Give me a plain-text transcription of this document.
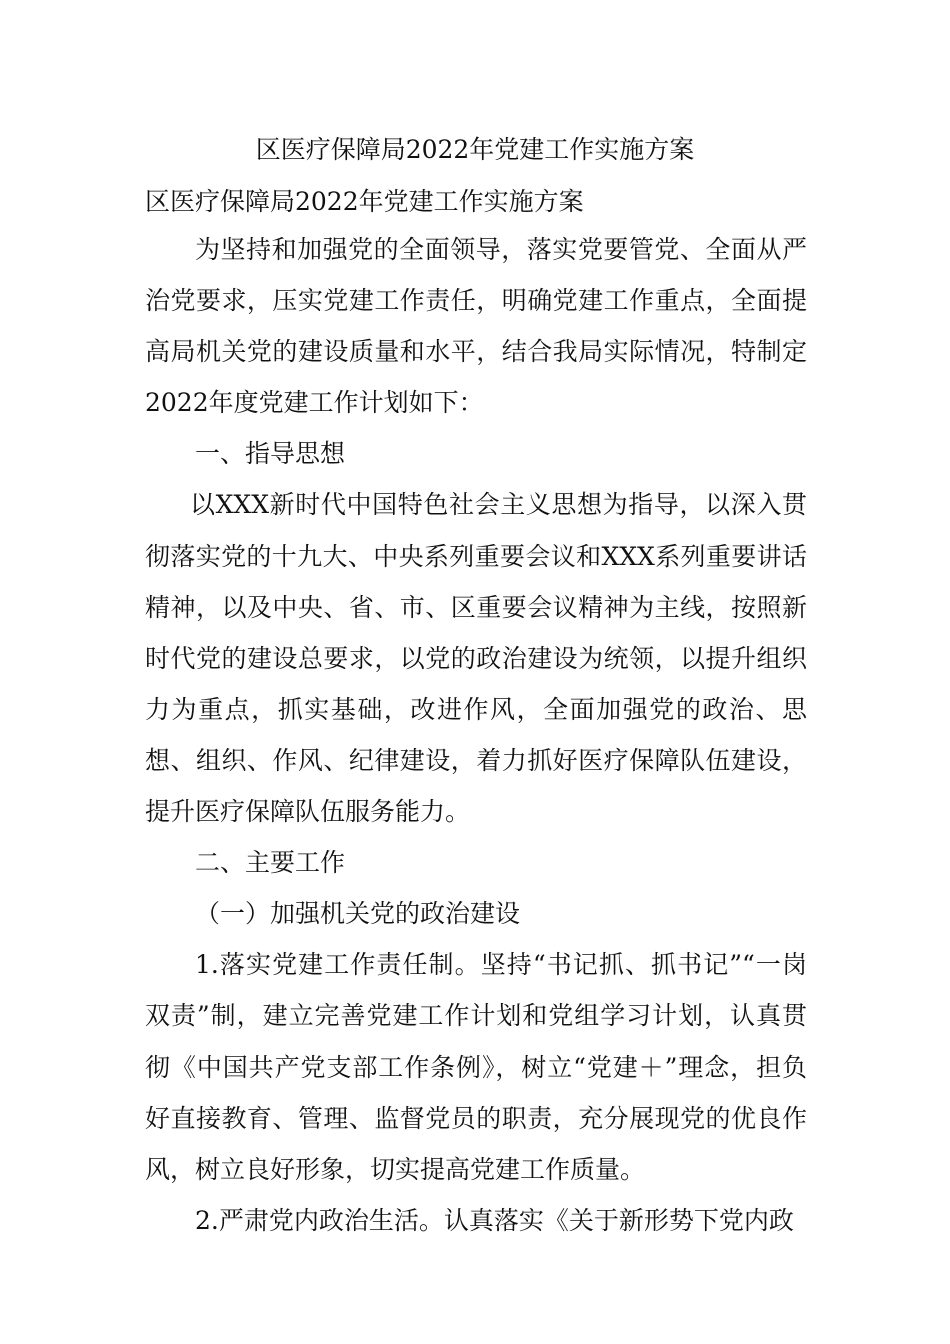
区医疗保障局2022年党建工作实施方案
区医疗保障局2022年党建工作实施方案

为坚持和加强党的全面领导，落实党要管党、全面从严治党要求，压实党建工作责任，明确党建工作重点，全面提高局机关党的建设质量和水平，结合我局实际情况，特制定2022年度党建工作计划如下：

一、指导思想

以XXX新时代中国特色社会主义思想为指导，以深入贯彻落实党的十九大、中央系列重要会议和XXX系列重要讲话精神，以及中央、省、市、区重要会议精神为主线，按照新时代党的建设总要求，以党的政治建设为统领，以提升组织力为重点，抓实基础，改进作风，全面加强党的政治、思想、组织、作风、纪律建设，着力抓好医疗保障队伍建设，提升医疗保障队伍服务能力。

二、主要工作

（一）加强机关党的政治建设

1.落实党建工作责任制。坚持“书记抓、抓书记”“一岗双责”制，建立完善党建工作计划和党组学习计划，认真贯彻《中国共产党支部工作条例》，树立“党建＋”理念，担负好直接教育、管理、监督党员的职责，充分展现党的优良作风，树立良好形象，切实提高党建工作质量。

2.严肃党内政治生活。认真落实《关于新形势下党内政
